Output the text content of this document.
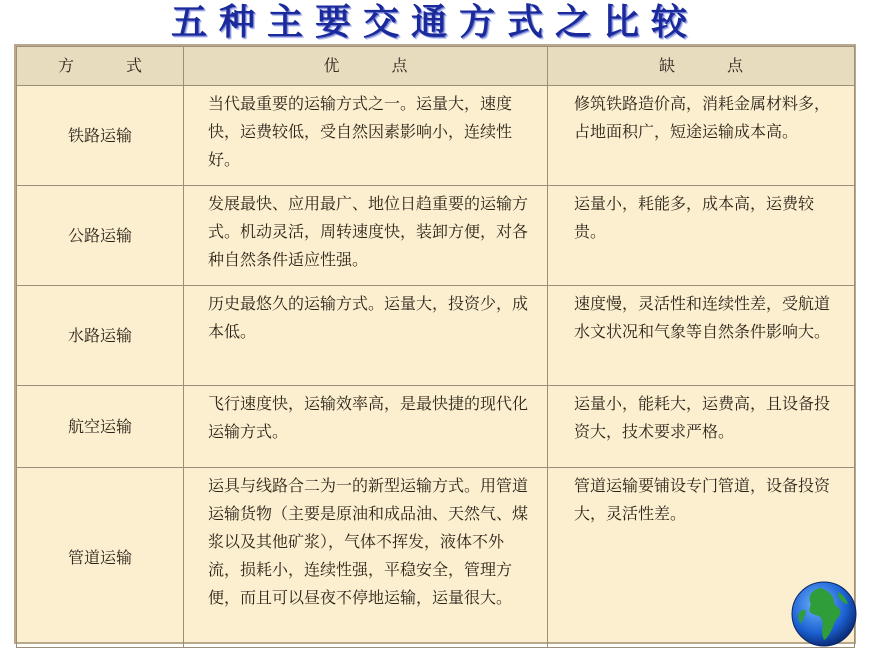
五种主要交通方式之比较
方　式	优　点	缺　点
铁路运输	当代最重要的运输方式之一。运量大，速度快，运费较低，受自然因素影响小，连续性好。	修筑铁路造价高，消耗金属材料多，占地面积广，短途运输成本高。
公路运输	发展最快、应用最广、地位日趋重要的运输方式。机动灵活，周转速度快，装卸方便，对各种自然条件适应性强。	运量小，耗能多，成本高，运费较贵。
水路运输	历史最悠久的运输方式。运量大，投资少，成本低。	速度慢，灵活性和连续性差，受航道水文状况和气象等自然条件影响大。
航空运输	飞行速度快，运输效率高，是最快捷的现代化运输方式。	运量小，能耗大，运费高，且设备投资大，技术要求严格。
管道运输	运具与线路合二为一的新型运输方式。用管道运输货物（主要是原油和成品油、天然气、煤浆以及其他矿浆），气体不挥发，液体不外流，损耗小，连续性强，平稳安全，管理方便，而且可以昼夜不停地运输，运量很大。	管道运输要铺设专门管道，设备投资大，灵活性差。
